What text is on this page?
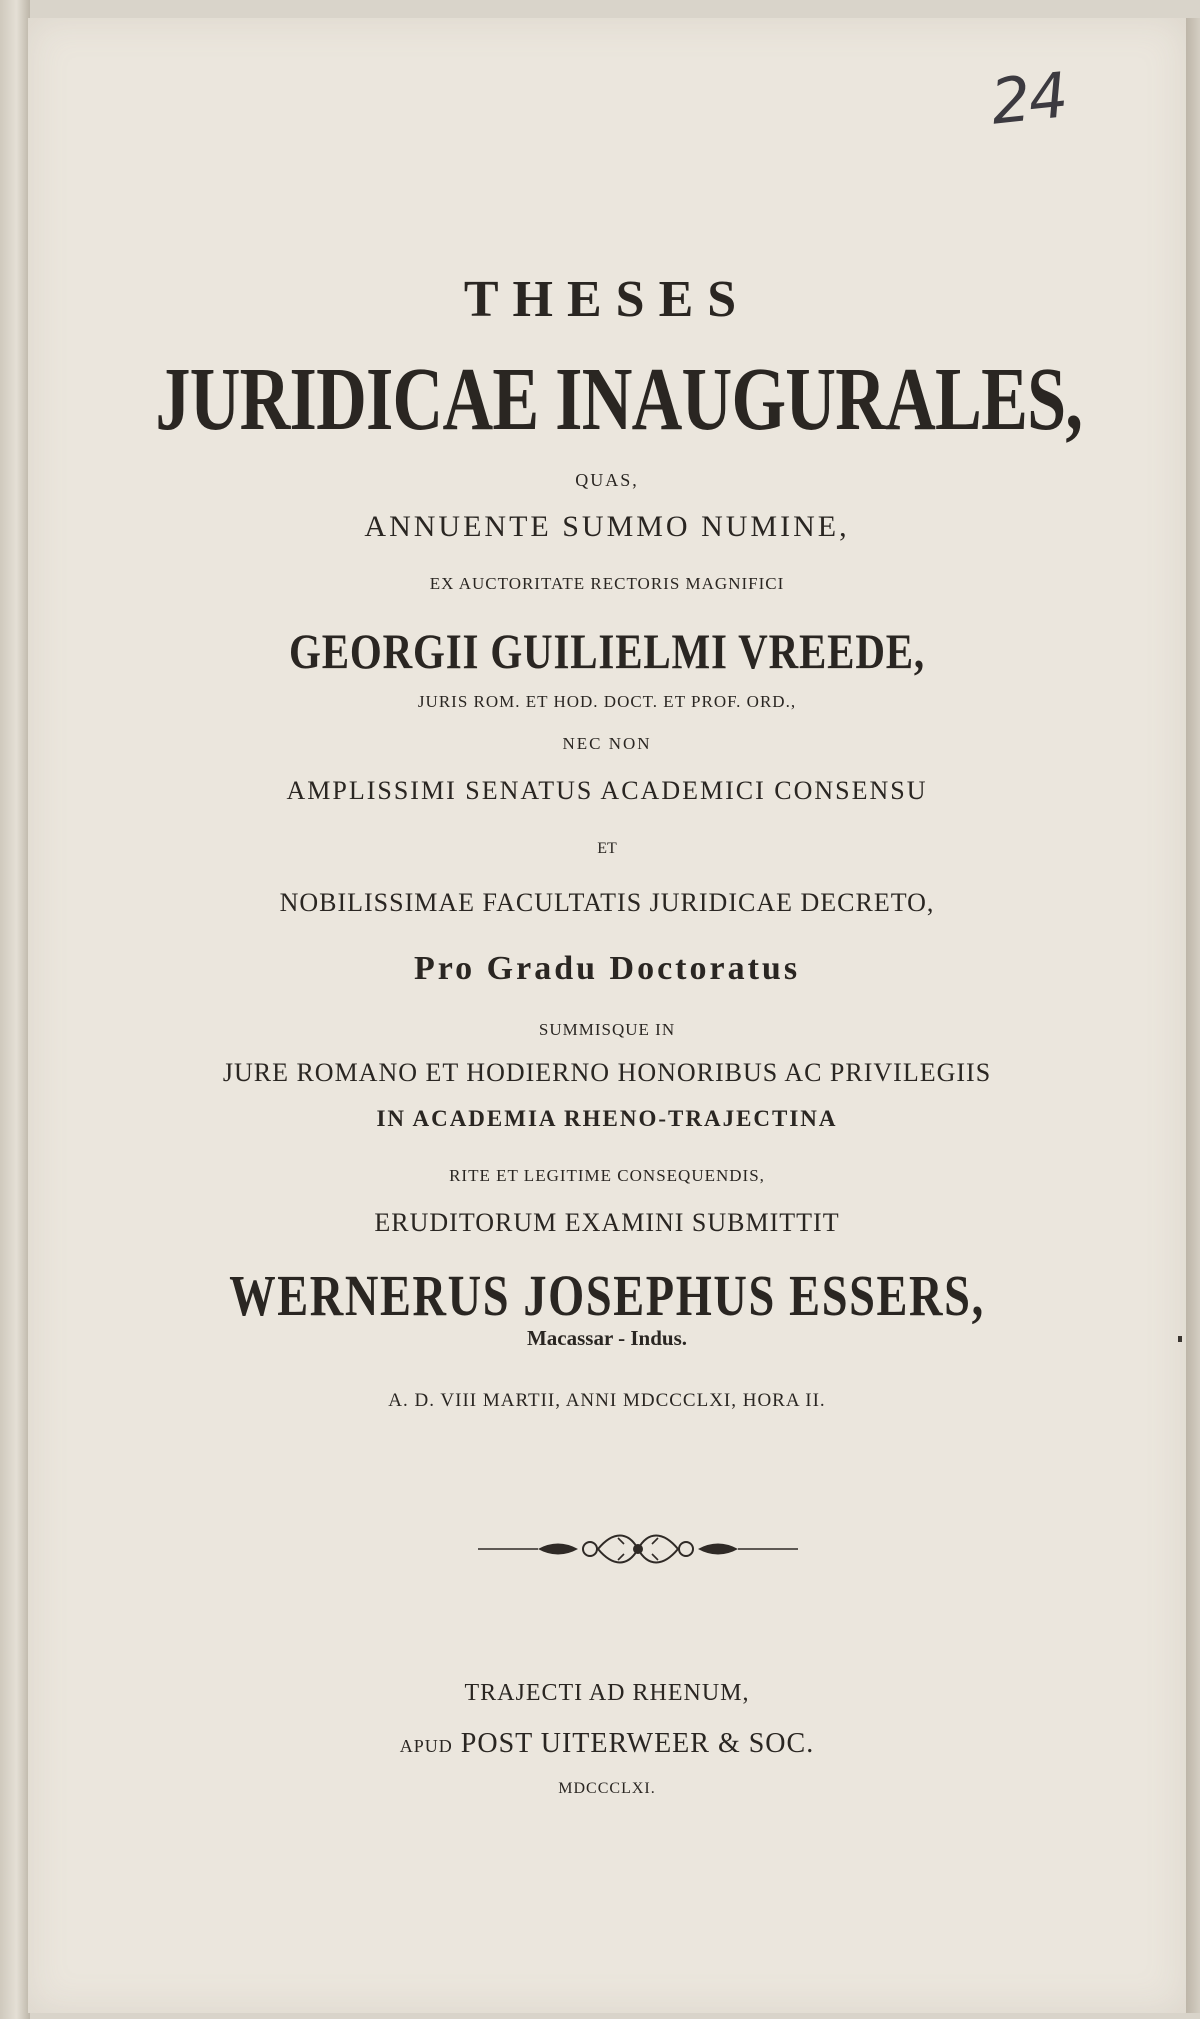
24
THESES
JURIDICAE INAUGURALES,
QUAS,
ANNUENTE SUMMO NUMINE,
EX AUCTORITATE RECTORIS MAGNIFICI
GEORGII GUILIELMI VREEDE,
JURIS ROM. ET HOD. DOCT. ET PROF. ORD.,
NEC NON
AMPLISSIMI SENATUS ACADEMICI CONSENSU
ET
NOBILISSIMAE FACULTATIS JURIDICAE DECRETO,
Pro Gradu Doctoratus
SUMMISQUE IN
JURE ROMANO ET HODIERNO HONORIBUS AC PRIVILEGIIS
IN ACADEMIA RHENO-TRAJECTINA
RITE ET LEGITIME CONSEQUENDIS,
ERUDITORUM EXAMINI SUBMITTIT
WERNERUS JOSEPHUS ESSERS,
Macassar - Indus.
A. D. VIII MARTII, ANNI MDCCCLXI, HORA II.
TRAJECTI AD RHENUM,
APUD POST UITERWEER & SOC.
MDCCCLXI.
